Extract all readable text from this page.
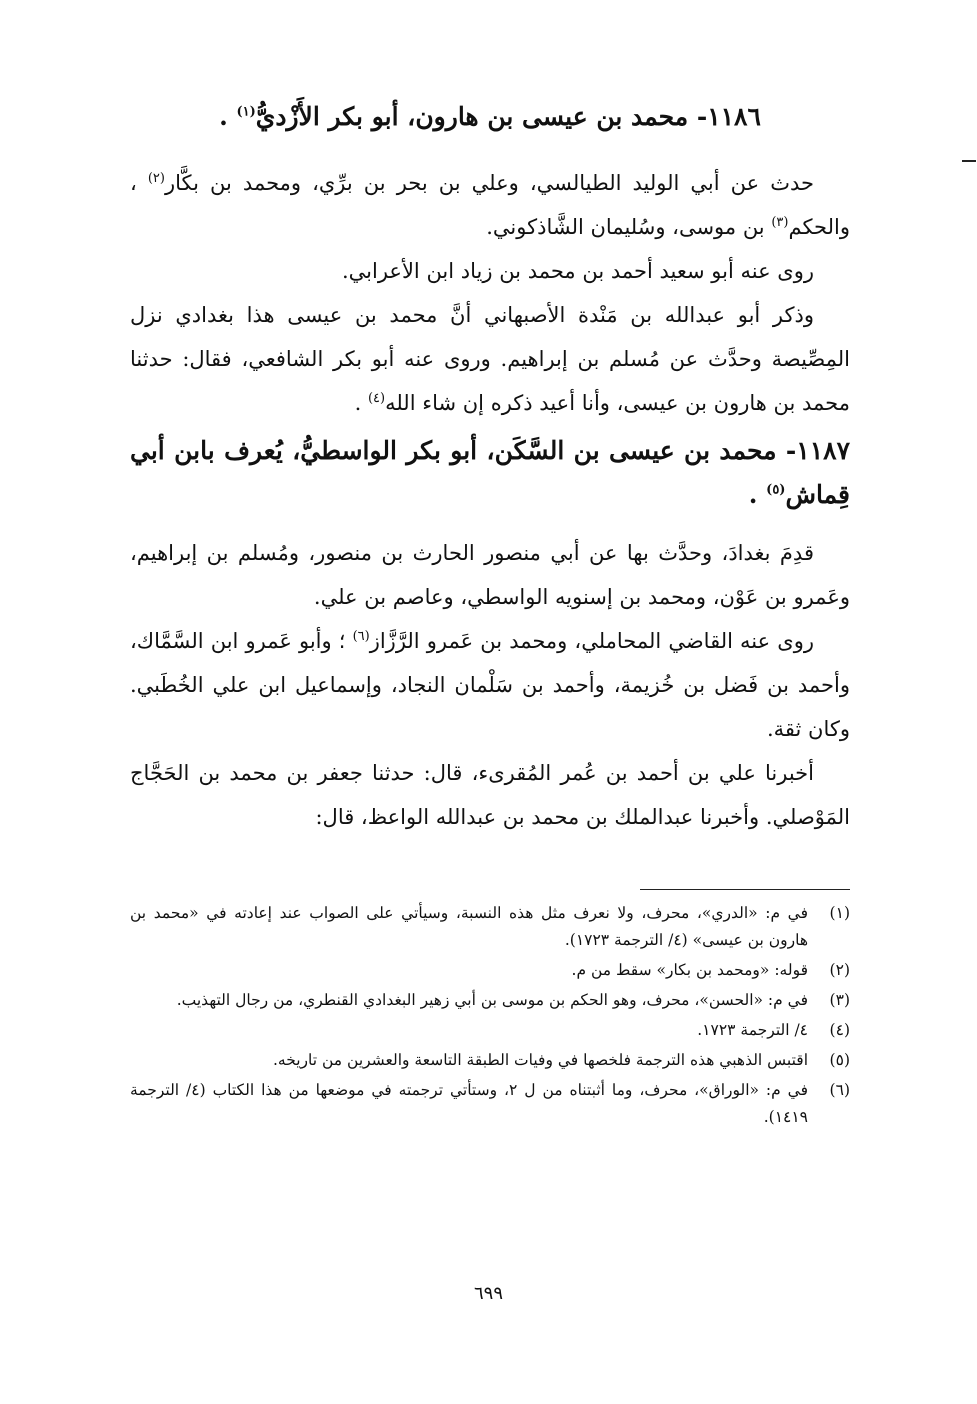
١١٨٦- محمد بن عيسى بن هارون، أبو بكر الأَزْديُّ$^{(١)}$ .

حدث عن أبي الوليد الطيالسي، وعلي بن بحر بن برِّي، ومحمد بن بكَّار$^{(٢)}$ ، والحكم$^{(٣)}$ بن موسى، وسُليمان الشَّاذكوني.

روى عنه أبو سعيد أحمد بن محمد بن زياد ابن الأعرابي.

وذكر أبو عبدالله بن مَنْدة الأصبهاني أنَّ محمد بن عيسى هذا بغدادي نزل المِصِّيصة وحدَّث عن مُسلم بن إبراهيم. وروى عنه أبو بكر الشافعي، فقال: حدثنا محمد بن هارون بن عيسى، وأنا أعيد ذكره إن شاء الله$^{(٤)}$ .

١١٨٧- محمد بن عيسى بن السَّكَن، أبو بكر الواسطيُّ، يُعرف بابن أبي قِماش$^{(٥)}$ .

قدِمَ بغدادَ، وحدَّث بها عن أبي منصور الحارث بن منصور، ومُسلم بن إبراهيم، وعَمرو بن عَوْن، ومحمد بن إسنويه الواسطي، وعاصم بن علي.

روى عنه القاضي المحاملي، ومحمد بن عَمرو الرَّزَّاز$^{(٦)}$ ؛ وأبو عَمرو ابن السَّمَّاك، وأحمد بن فَضل بن خُزيمة، وأحمد بن سَلْمان النجاد، وإسماعيل ابن علي الخُطَبي. وكان ثقة.

أخبرنا علي بن أحمد بن عُمر المُقرىء، قال: حدثنا جعفر بن محمد بن الحَجَّاج المَوْصلي. وأخبرنا عبدالملك بن محمد بن عبدالله الواعظ، قال:

(١)
في م: «الدري»، محرف، ولا نعرف مثل هذه النسبة، وسيأتي على الصواب عند إعادته في «محمد بن هارون بن عيسى» (٤/ الترجمة ١٧٢٣).
(٢)
قوله: «ومحمد بن بكار» سقط من م.
(٣)
في م: «الحسن»، محرف، وهو الحكم بن موسى بن أبي زهير البغدادي القنطري، من رجال التهذيب.
(٤)
٤/ الترجمة ١٧٢٣.
(٥)
اقتبس الذهبي هذه الترجمة فلخصها في وفيات الطبقة التاسعة والعشرين من تاريخه.
(٦)
في م: «الوراق»، محرف، وما أثبتناه من ل ٢، وستأتي ترجمته في موضعها من هذا الكتاب (٤/ الترجمة ١٤١٩).
٦٩٩
